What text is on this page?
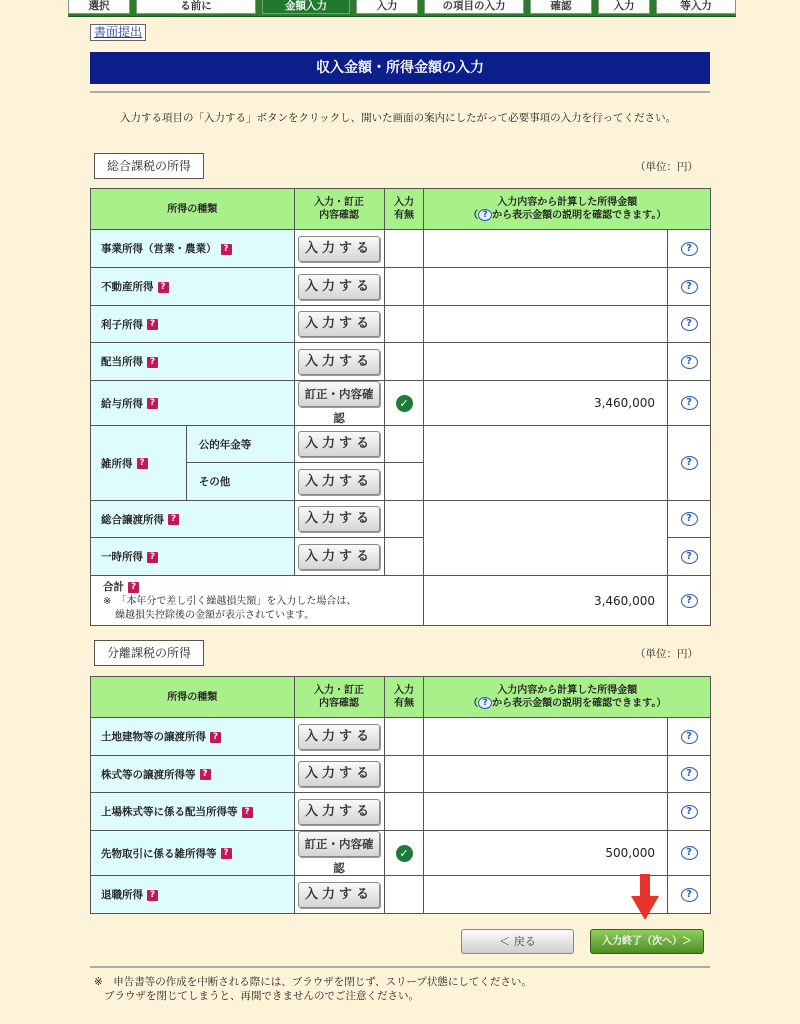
選択	る前に	金額入力	入力	の項目の入力	確認	入力	等入力
書面提出
収入金額・所得金額の入力
入力する項目の「入力する」ボタンをクリックし、開いた画面の案内にしたがって必要事項の入力を行ってください。
総合課税の所得	（単位：円）
所得の種類		入力・訂正
内容確認	入力
有無	入力内容から計算した所得金額
（ ? から表示金額の説明を確認できます。）	
事業所得（営業・農業） ?		入力する			?
不動産所得 ?		入力する			?
利子所得 ?		入力する			?
配当所得 ?		入力する			?
給与所得 ?		訂正・内容確認	✓	3,460,000	?
雑所得 ?	公的年金等	入力する			?
	その他	入力する			
総合譲渡所得 ?		入力する			?
一時所得 ?		入力する			?
合計 ?
※　「本年分で差し引く繰越損失額」を入力した場合は、
繰越損失控除後の金額が表示されています。				3,460,000	?
分離課税の所得	（単位：円）
所得の種類	入力・訂正
内容確認	入力
有無	入力内容から計算した所得金額
（ ? から表示金額の説明を確認できます。）	
土地建物等の譲渡所得 ?	入力する			?
株式等の譲渡所得等 ?	入力する			?
上場株式等に係る配当所得等 ?	入力する			?
先物取引に係る雑所得等 ?	訂正・内容確認	✓	500,000	?
退職所得 ?	入力する			?
＜ 戻る	入力終了（次へ）＞
※　申告書等の作成を中断される際には、ブラウザを閉じず、スリープ状態にしてください。
ブラウザを閉じてしまうと、再開できませんのでご注意ください。
